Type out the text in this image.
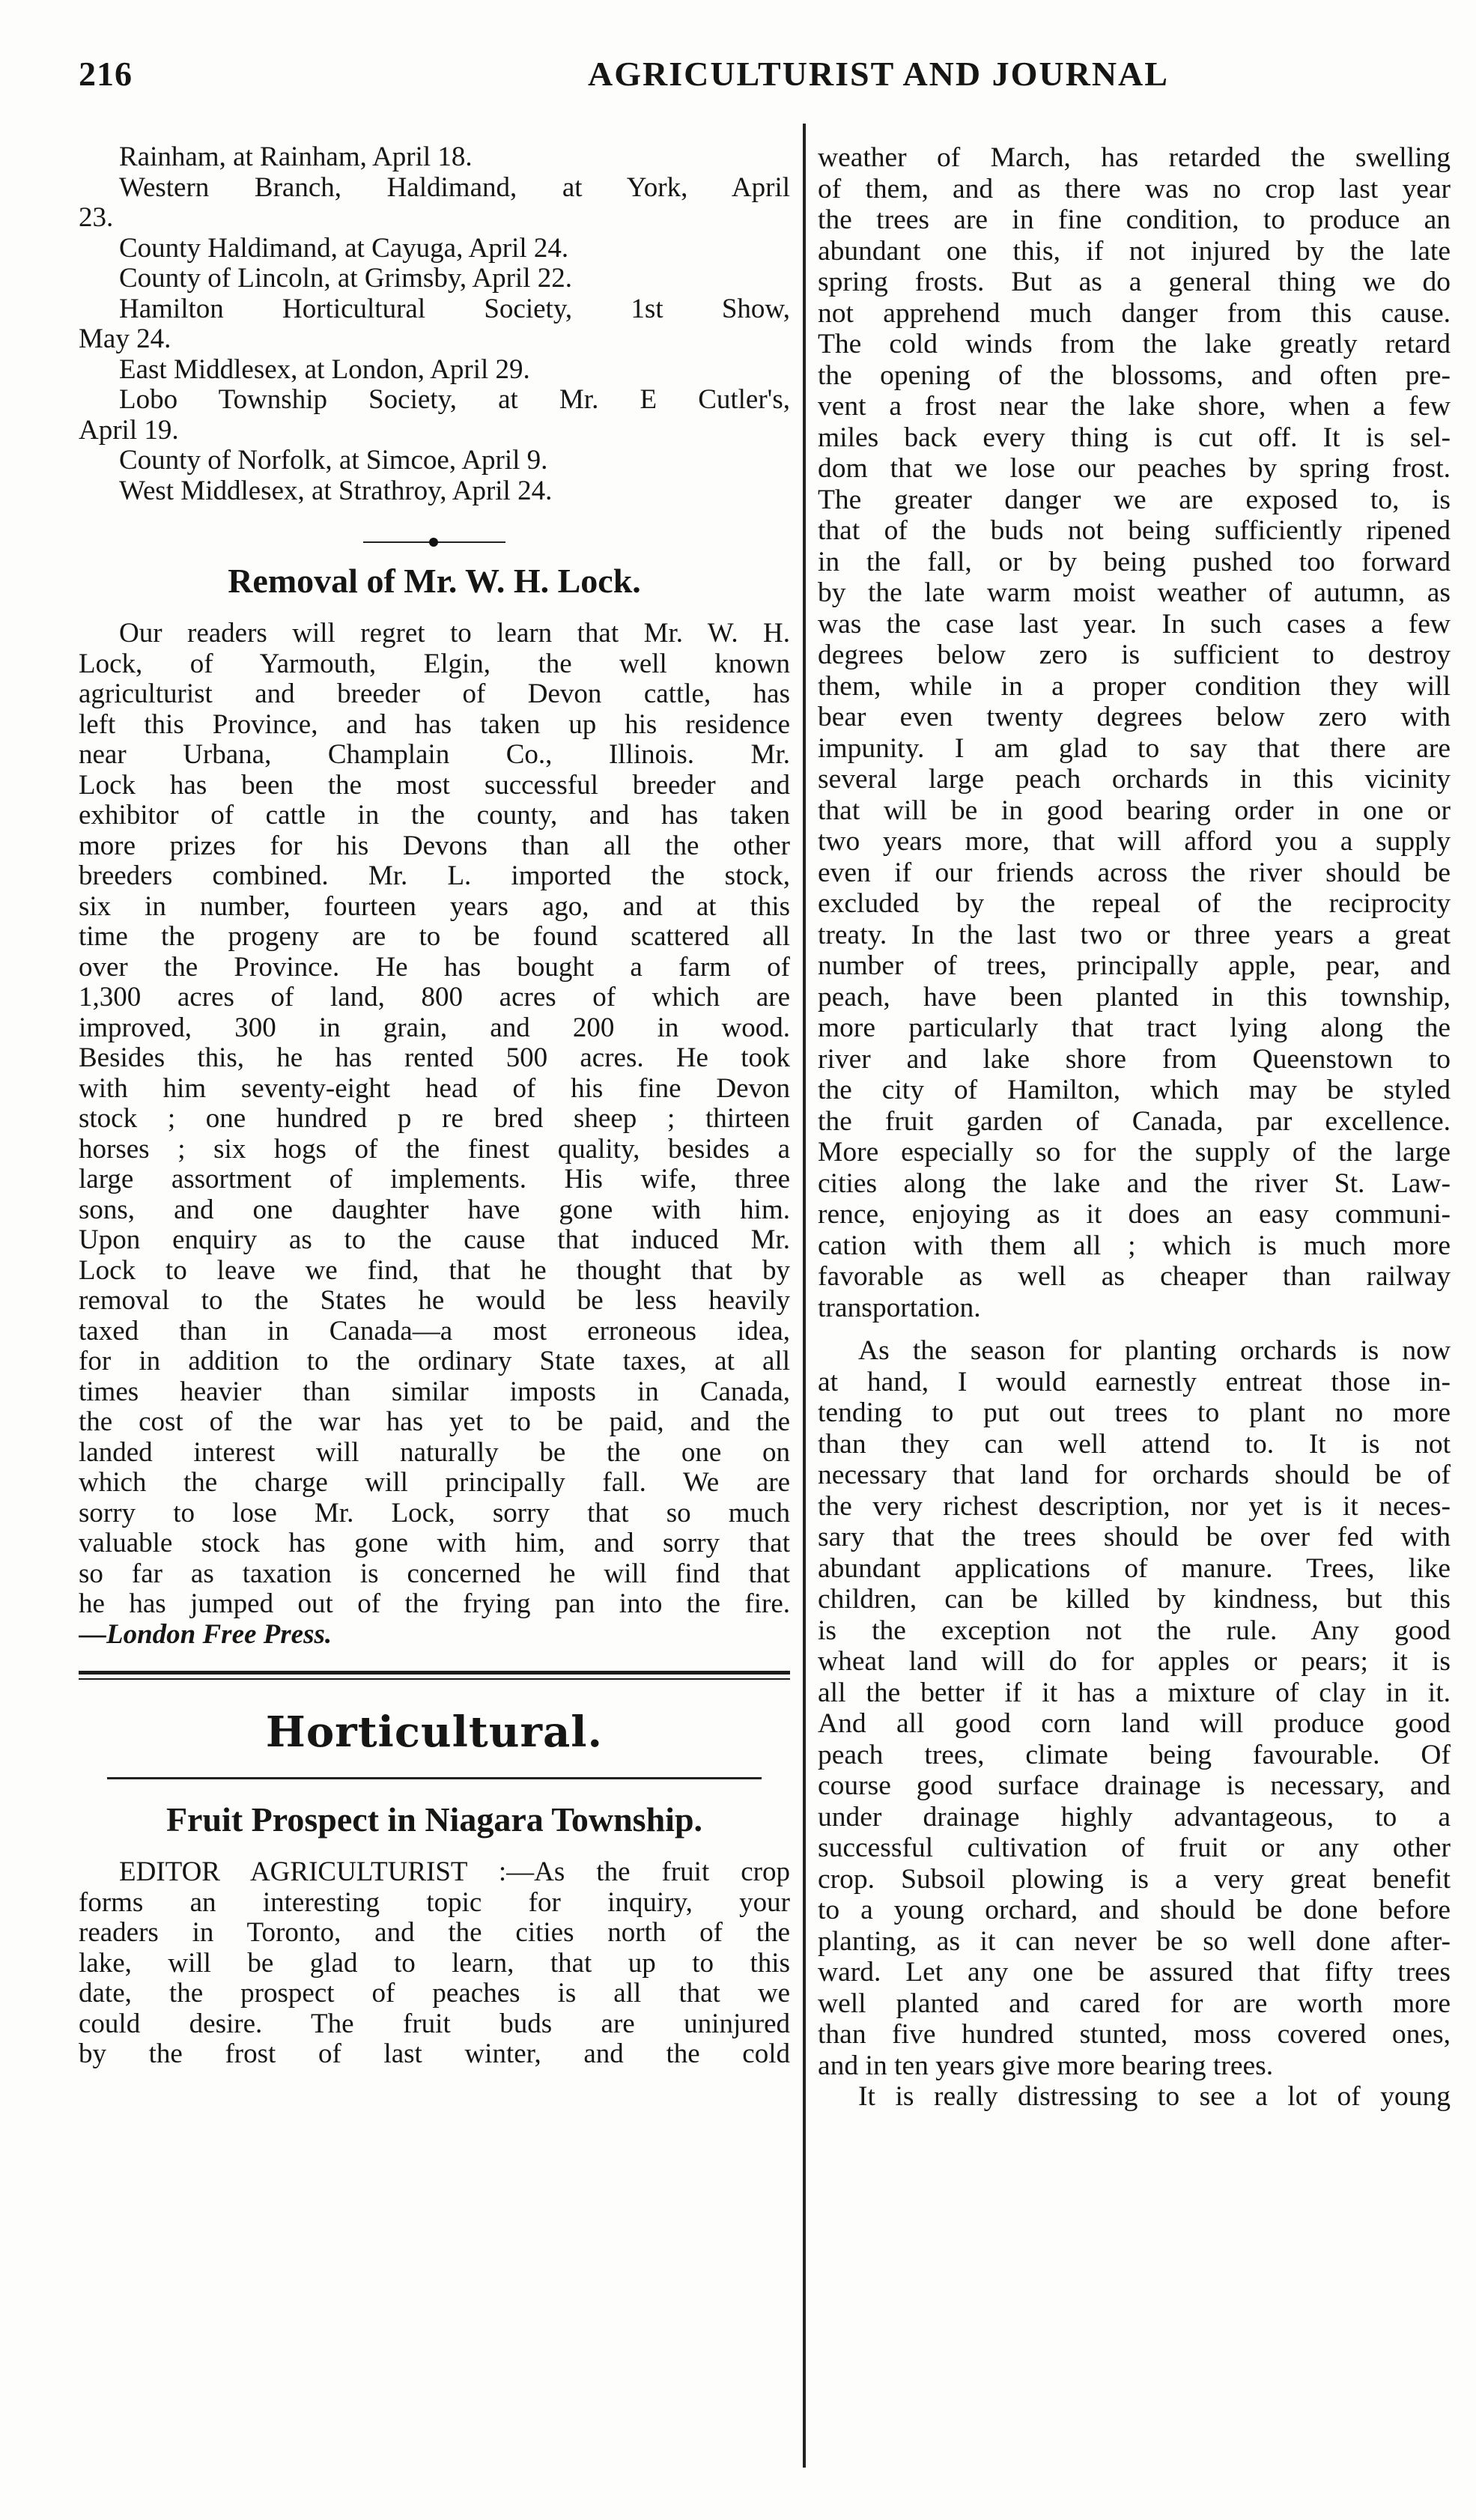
216	AGRICULTURIST AND JOURNAL
Rainham, at Rainham, April 18.
Western Branch, Haldimand, at York, April
23.
County Haldimand, at Cayuga, April 24.
County of Lincoln, at Grimsby, April 22.
Hamilton Horticultural Society, 1st Show,
May 24.
East Middlesex, at London, April 29.
Lobo Township Society, at Mr. E Cutler's,
April 19.
County of Norfolk, at Simcoe, April 9.
West Middlesex, at Strathroy, April 24.
Removal of Mr. W. H. Lock.
Our readers will regret to learn that Mr. W. H.
Lock, of Yarmouth, Elgin, the well known
agriculturist and breeder of Devon cattle, has
left this Province, and has taken up his residence
near Urbana, Champlain Co., Illinois. Mr.
Lock has been the most successful breeder and
exhibitor of cattle in the county, and has taken
more prizes for his Devons than all the other
breeders combined. Mr. L. imported the stock,
six in number, fourteen years ago, and at this
time the progeny are to be found scattered all
over the Province. He has bought a farm of
1,300 acres of land, 800 acres of which are
improved, 300 in grain, and 200 in wood.
Besides this, he has rented 500 acres. He took
with him seventy-eight head of his fine Devon
stock ; one hundred p re bred sheep ; thirteen
horses ; six hogs of the finest quality, besides a
large assortment of implements. His wife, three
sons, and one daughter have gone with him.
Upon enquiry as to the cause that induced Mr.
Lock to leave we find, that he thought that by
removal to the States he would be less heavily
taxed than in Canada—a most erroneous idea,
for in addition to the ordinary State taxes, at all
times heavier than similar imposts in Canada,
the cost of the war has yet to be paid, and the
landed interest will naturally be the one on
which the charge will principally fall. We are
sorry to lose Mr. Lock, sorry that so much
valuable stock has gone with him, and sorry that
so far as taxation is concerned he will find that
he has jumped out of the frying pan into the fire.
—London Free Press.
Horticultural.
Fruit Prospect in Niagara Township.
EDITOR AGRICULTURIST :—As the fruit crop
forms an interesting topic for inquiry, your
readers in Toronto, and the cities north of the
lake, will be glad to learn, that up to this
date, the prospect of peaches is all that we
could desire. The fruit buds are uninjured
by the frost of last winter, and the cold
weather of March, has retarded the swelling
of them, and as there was no crop last year
the trees are in fine condition, to produce an
abundant one this, if not injured by the late
spring frosts. But as a general thing we do
not apprehend much danger from this cause.
The cold winds from the lake greatly retard
the opening of the blossoms, and often pre-
vent a frost near the lake shore, when a few
miles back every thing is cut off. It is sel-
dom that we lose our peaches by spring frost.
The greater danger we are exposed to, is
that of the buds not being sufficiently ripened
in the fall, or by being pushed too forward
by the late warm moist weather of autumn, as
was the case last year. In such cases a few
degrees below zero is sufficient to destroy
them, while in a proper condition they will
bear even twenty degrees below zero with
impunity. I am glad to say that there are
several large peach orchards in this vicinity
that will be in good bearing order in one or
two years more, that will afford you a supply
even if our friends across the river should be
excluded by the repeal of the reciprocity
treaty. In the last two or three years a great
number of trees, principally apple, pear, and
peach, have been planted in this township,
more particularly that tract lying along the
river and lake shore from Queenstown to
the city of Hamilton, which may be styled
the fruit garden of Canada, par excellence.
More especially so for the supply of the large
cities along the lake and the river St. Law-
rence, enjoying as it does an easy communi-
cation with them all ; which is much more
favorable as well as cheaper than railway
transportation.
As the season for planting orchards is now
at hand, I would earnestly entreat those in-
tending to put out trees to plant no more
than they can well attend to. It is not
necessary that land for orchards should be of
the very richest description, nor yet is it neces-
sary that the trees should be over fed with
abundant applications of manure. Trees, like
children, can be killed by kindness, but this
is the exception not the rule. Any good
wheat land will do for apples or pears; it is
all the better if it has a mixture of clay in it.
And all good corn land will produce good
peach trees, climate being favourable. Of
course good surface drainage is necessary, and
under drainage highly advantageous, to a
successful cultivation of fruit or any other
crop. Subsoil plowing is a very great benefit
to a young orchard, and should be done before
planting, as it can never be so well done after-
ward. Let any one be assured that fifty trees
well planted and cared for are worth more
than five hundred stunted, moss covered ones,
and in ten years give more bearing trees.
It is really distressing to see a lot of young
